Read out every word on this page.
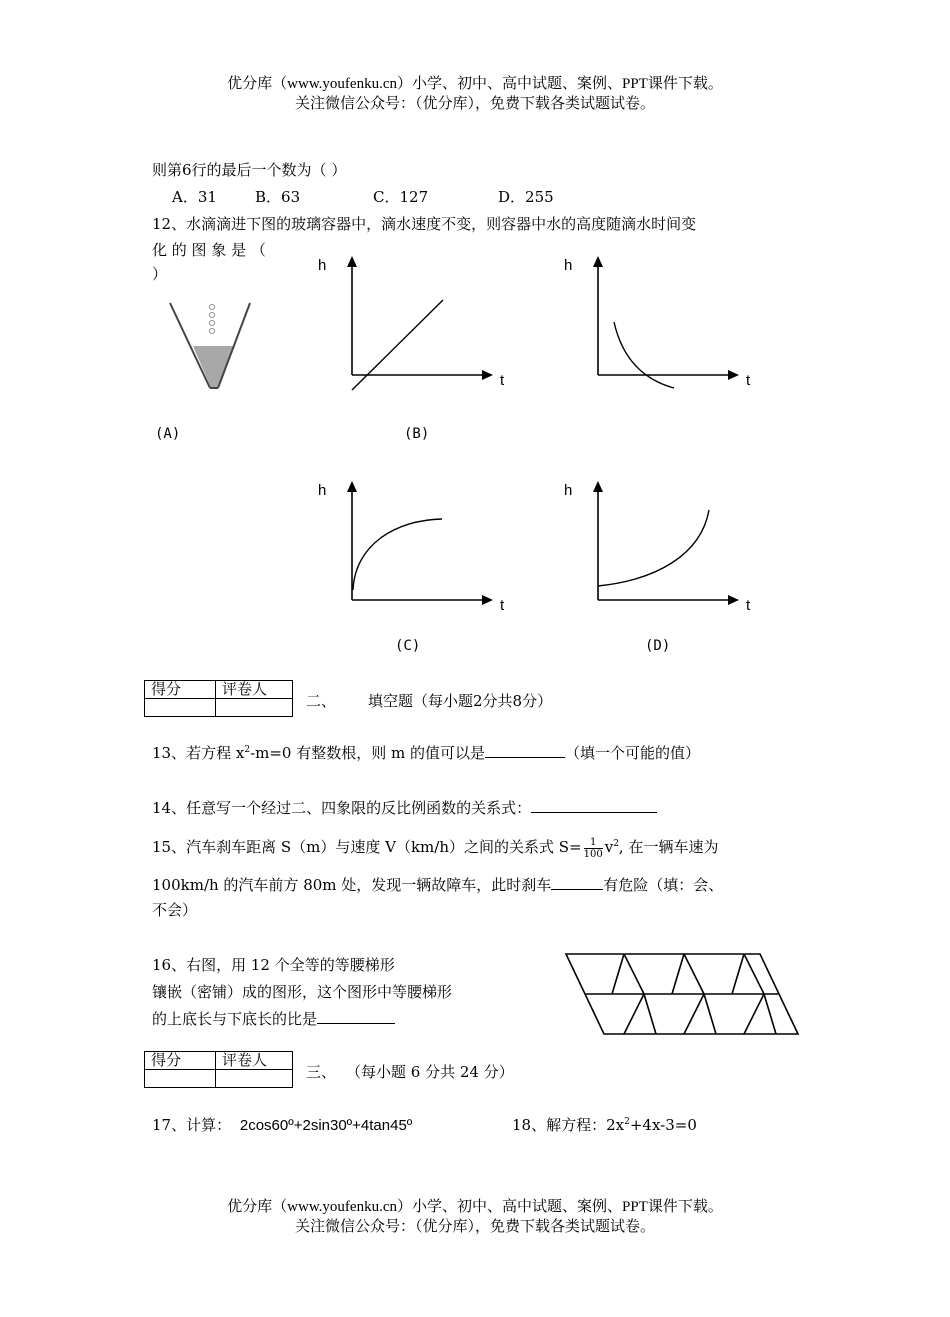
优分库（www.youfenku.cn）小学、初中、高中试题、案例、PPT课件下载。
关注微信公众号：（优分库），免费下载各类试题试卷。
则第6行的最后一个数为（ ）
A．31	B．63	C．127	D．255
12、水滴滴进下图的玻璃容器中，滴水速度不变，则容器中水的高度随滴水时间变
化 的 图 象 是 （
）	h
t
h
t
(A)	(B)
h
t
h
t
(C)	(D)
得分	评卷人

二、 填空题（每小题2分共8分）
13、若方程 $x^2-m=0$ 有整数根，则 m 的值可以是	（填一个可能的值）
14、任意写一个经过二、四象限的反比例函数的关系式：
15、汽车刹车距离 S（m）与速度 V（km/h）之间的关系式 $S= \frac{1}{100} v^2$, 在一辆车速为
100km/h 的汽车前方 80m 处，发现一辆故障车，此时刹车	有危险（填：会、
不会）
16、右图，用 12 个全等的等腰梯形
镶嵌（密铺）成的图形，这个图形中等腰梯形
的上底长与下底长的比是
得分	评卷人

三、 （每小题 6 分共 24 分）
17、计算： 2cos60º+2sin30º+4tan45º	18、解方程：$2x^2+4x-3=0$
优分库（www.youfenku.cn）小学、初中、高中试题、案例、PPT课件下载。
关注微信公众号：（优分库），免费下载各类试题试卷。
